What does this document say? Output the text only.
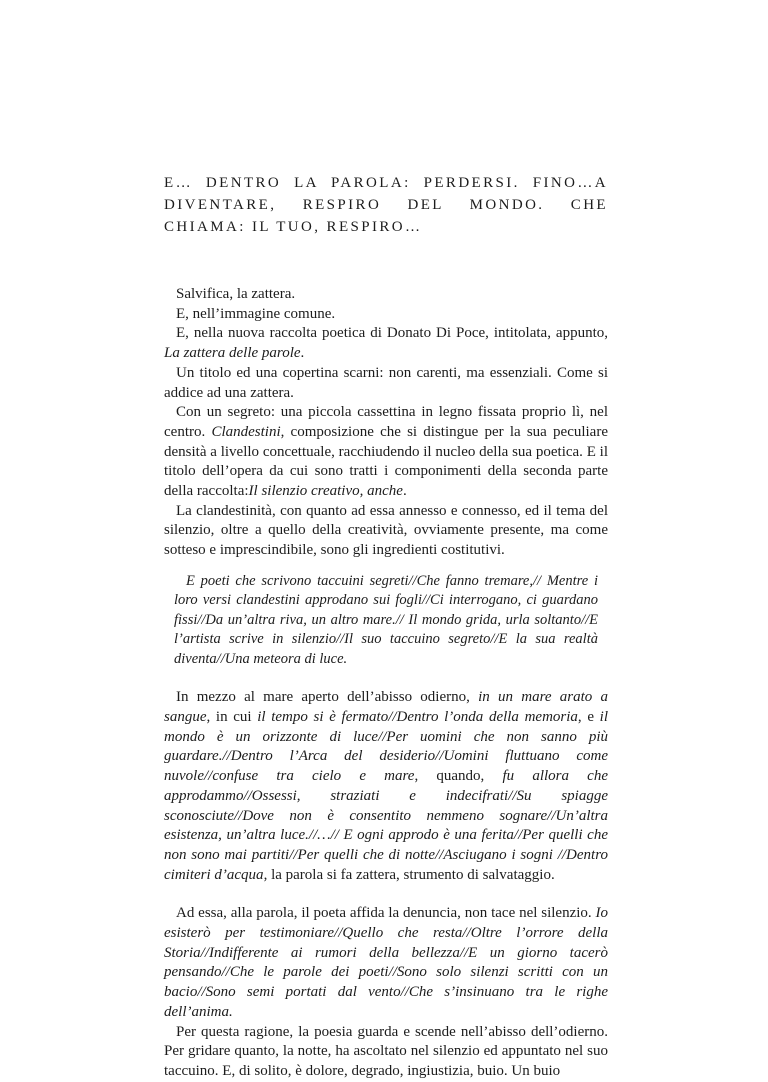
E… DENTRO LA PAROLA: PERDERSI. FINO…A DIVENTARE, RESPIRO DEL MONDO. CHE CHIAMA: IL TUO, RESPIRO…

Salvifica, la zattera.

E, nell’immagine comune.

E, nella nuova raccolta poetica di Donato Di Poce, intitolata, appunto, La zattera delle parole.

Un titolo ed una copertina scarni: non carenti, ma essenziali. Come si addice ad una zattera.

Con un segreto: una piccola cassettina in legno fissata proprio lì, nel centro. Clandestini, composizione che si distingue per la sua peculiare densità a livello concettuale, racchiudendo il nucleo della sua poetica. E il titolo dell’opera da cui sono tratti i componimenti della seconda parte della raccolta:Il silenzio creativo, anche.

La clandestinità, con quanto ad essa annesso e connesso, ed il tema del silenzio, oltre a quello della creatività, ovviamente presente, ma come sotteso e imprescindibile, sono gli ingredienti costitutivi.

E poeti che scrivono taccuini segreti//Che fanno tremare,// Mentre i loro versi clandestini approdano sui fogli//Ci interrogano, ci guardano fissi//Da un’altra riva, un altro mare.// Il mondo grida, urla soltanto//E l’artista scrive in silenzio//Il suo taccuino segreto//E la sua realtà diventa//Una meteora di luce.

In mezzo al mare aperto dell’abisso odierno, in un mare arato a sangue, in cui il tempo si è fermato//Dentro l’onda della memoria, e il mondo è un orizzonte di luce//Per uomini che non sanno più guardare.//Dentro l’Arca del desiderio//Uomini fluttuano come nuvole//confuse tra cielo e mare, quando, fu allora che approdammo//Ossessi, straziati e indecifrati//Su spiagge sconosciute//Dove non è consentito nemmeno sognare//Un’altra esistenza, un’altra luce.//…// E ogni approdo è una ferita//Per quelli che non sono mai partiti//Per quelli che di notte//Asciugano i sogni //Dentro cimiteri d’acqua, la parola si fa zattera, strumento di salvataggio.

Ad essa, alla parola, il poeta affida la denuncia, non tace nel silenzio. Io esisterò per testimoniare//Quello che resta//Oltre l’orrore della Storia//Indifferente ai rumori della bellezza//E un giorno tacerò pensando//Che le parole dei poeti//Sono solo silenzi scritti con un bacio//Sono semi portati dal vento//Che s’insinuano tra le righe dell’anima.

Per questa ragione, la poesia guarda e scende nell’abisso dell’odierno. Per gridare quanto, la notte, ha ascoltato nel silenzio ed appuntato nel suo taccuino. E, di solito, è dolore, degrado, ingiustizia, buio. Un buio
